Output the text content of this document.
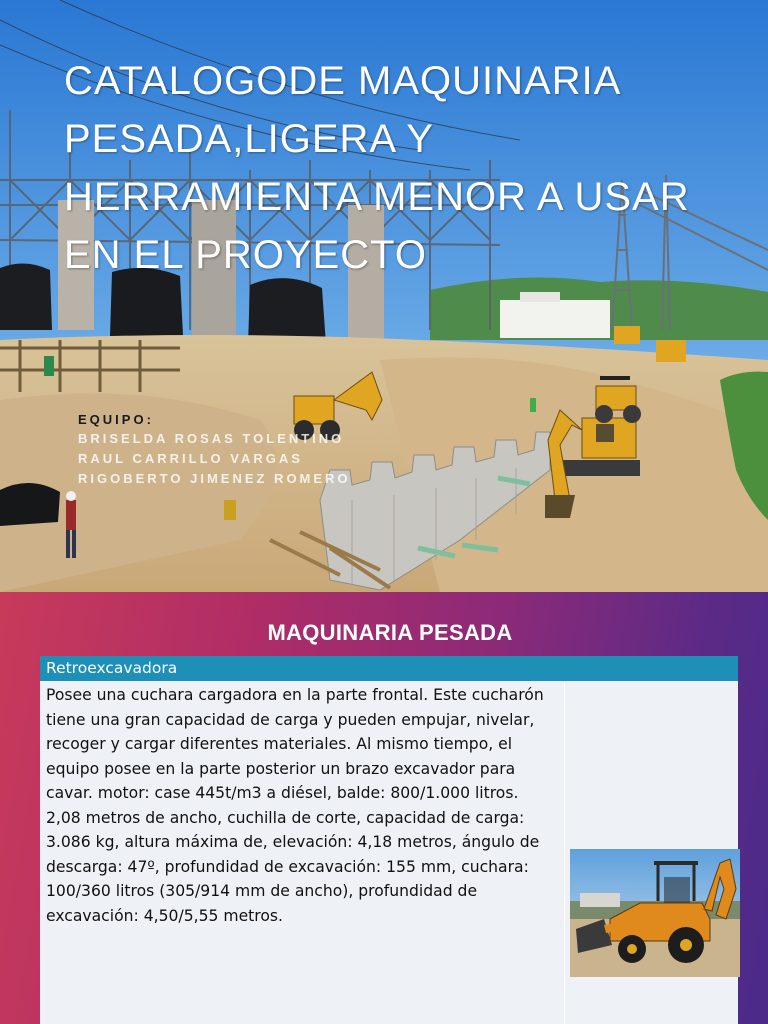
CATALOGODE MAQUINARIA PESADA,LIGERA Y HERRAMIENTA MENOR A USAR EN EL PROYECTO
EQUIPO:
BRISELDA ROSAS TOLENTINO
RAUL CARRILLO VARGAS
RIGOBERTO JIMENEZ ROMERO
MAQUINARIA PESADA
Retroexcavadora

Posee una cuchara cargadora en la parte frontal. Este cucharón tiene una gran capacidad de carga y pueden empujar, nivelar, recoger y cargar diferentes materiales. Al mismo tiempo, el equipo posee en la parte posterior un brazo excavador para cavar. motor: case 445t/m3 a diésel, balde: 800/1.000 litros. 2,08 metros de ancho, cuchilla de corte, capacidad de carga: 3.086 kg, altura máxima de, elevación: 4,18 metros, ángulo de descarga: 47º, profundidad de excavación: 155 mm, cuchara: 100/360 litros (305/914 mm de ancho), profundidad de excavación: 4,50/5,55 metros.
